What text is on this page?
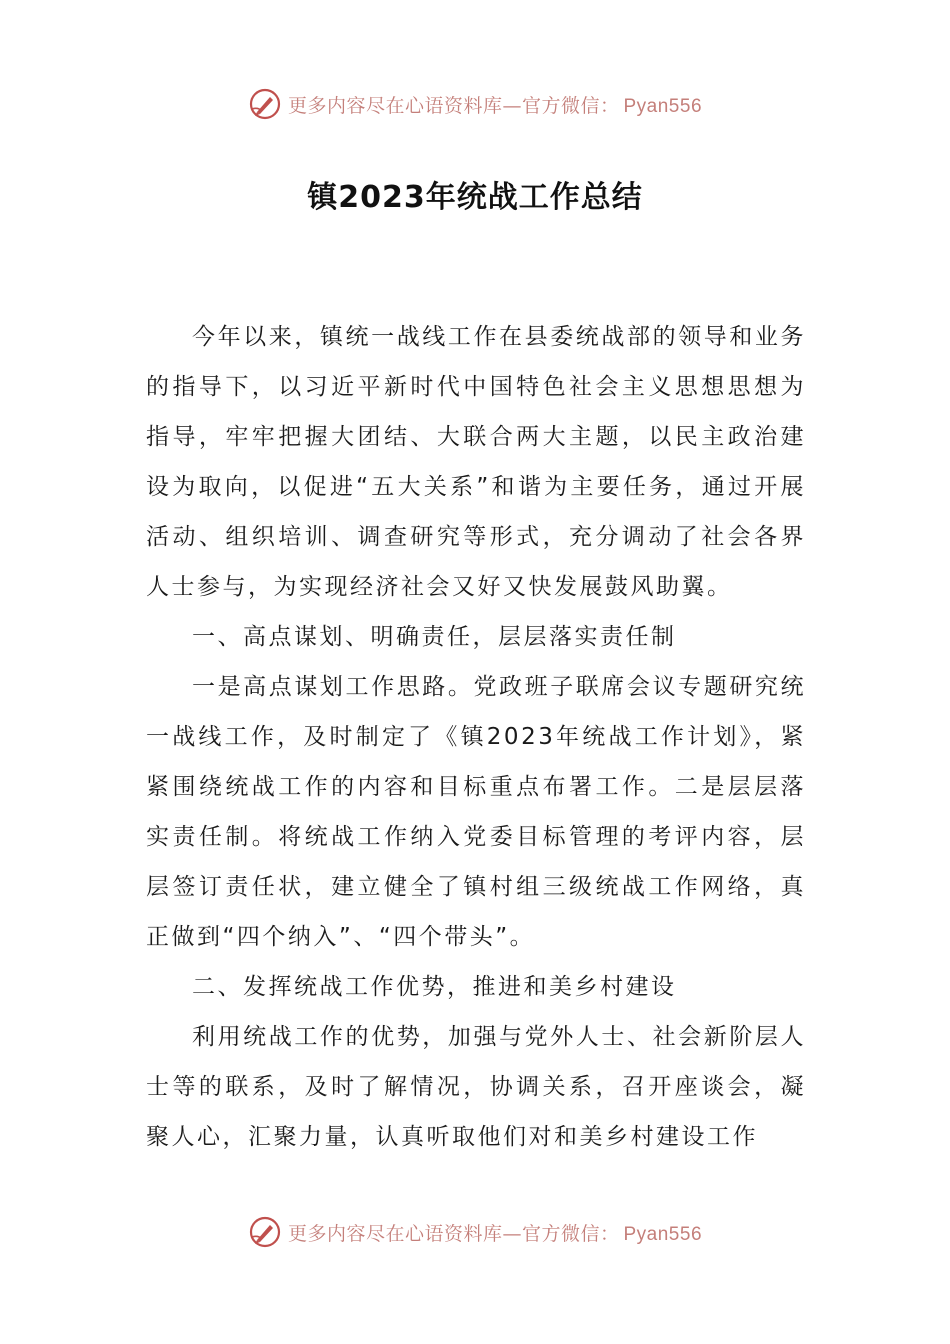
更多内容尽在心语资料库—官方微信： Pyan556
镇2023年统战工作总结

今年以来，镇统一战线工作在县委统战部的领导和业务的指导下，以习近平新时代中国特色社会主义思想思想为指导，牢牢把握大团结、大联合两大主题，以民主政治建设为取向，以促进“五大关系”和谐为主要任务，通过开展活动、组织培训、调查研究等形式，充分调动了社会各界人士参与，为实现经济社会又好又快发展鼓风助翼。

一、高点谋划、明确责任，层层落实责任制

一是高点谋划工作思路。党政班子联席会议专题研究统一战线工作，及时制定了《镇2023年统战工作计划》，紧紧围绕统战工作的内容和目标重点布署工作。二是层层落实责任制。将统战工作纳入党委目标管理的考评内容，层层签订责任状，建立健全了镇村组三级统战工作网络，真正做到“四个纳入”、“四个带头”。

二、发挥统战工作优势，推进和美乡村建设

利用统战工作的优势，加强与党外人士、社会新阶层人士等的联系，及时了解情况，协调关系，召开座谈会，凝聚人心，汇聚力量，认真听取他们对和美乡村建设工作

更多内容尽在心语资料库—官方微信： Pyan556
